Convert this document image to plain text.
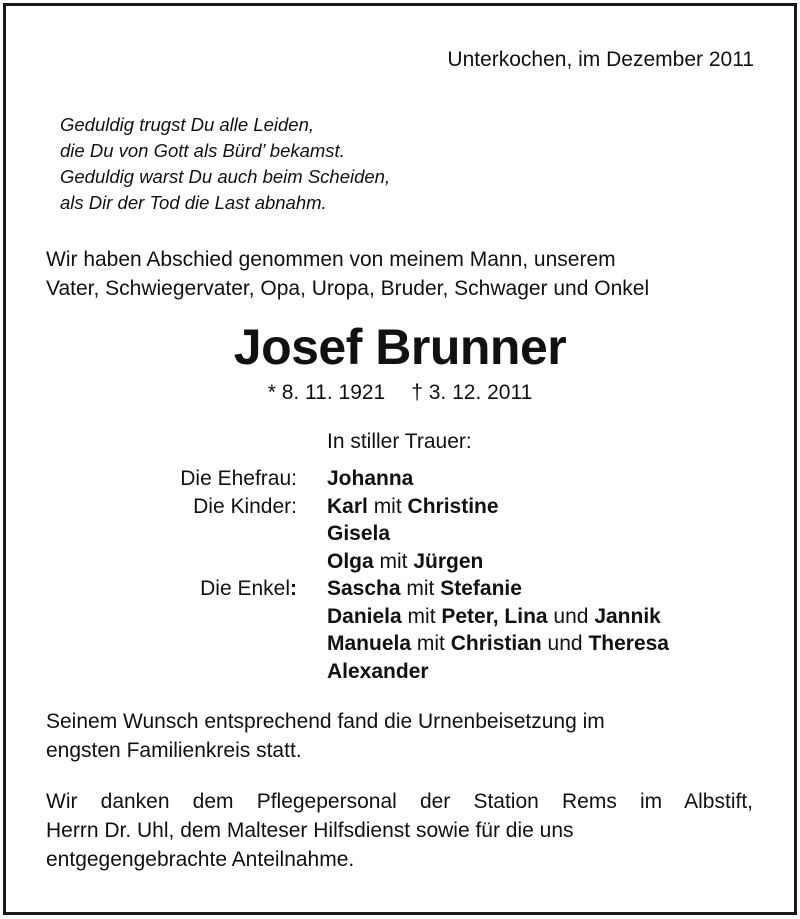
Unterkochen, im Dezember 2011
Geduldig trugst Du alle Leiden,
die Du von Gott als Bürd’ bekamst.
Geduldig warst Du auch beim Scheiden,
als Dir der Tod die Last abnahm.
Wir haben Abschied genommen von meinem Mann, unserem
Vater, Schwiegervater, Opa, Uropa, Bruder, Schwager und Onkel
Josef Brunner
* 8. 11. 1921 † 3. 12. 2011
In stiller Trauer:
Die Ehefrau: Johanna
Die Kinder: Karl mit Christine
Gisela
Olga mit Jürgen
Die Enkel: Sascha mit Stefanie
Daniela mit Peter, Lina und Jannik
Manuela mit Christian und Theresa
Alexander
Seinem Wunsch entsprechend fand die Urnenbeisetzung im
engsten Familienkreis statt.
Wir danken dem Pflegepersonal der Station Rems im Albstift,
Herrn Dr. Uhl, dem Malteser Hilfsdienst sowie für die uns
entgegengebrachte Anteilnahme.
